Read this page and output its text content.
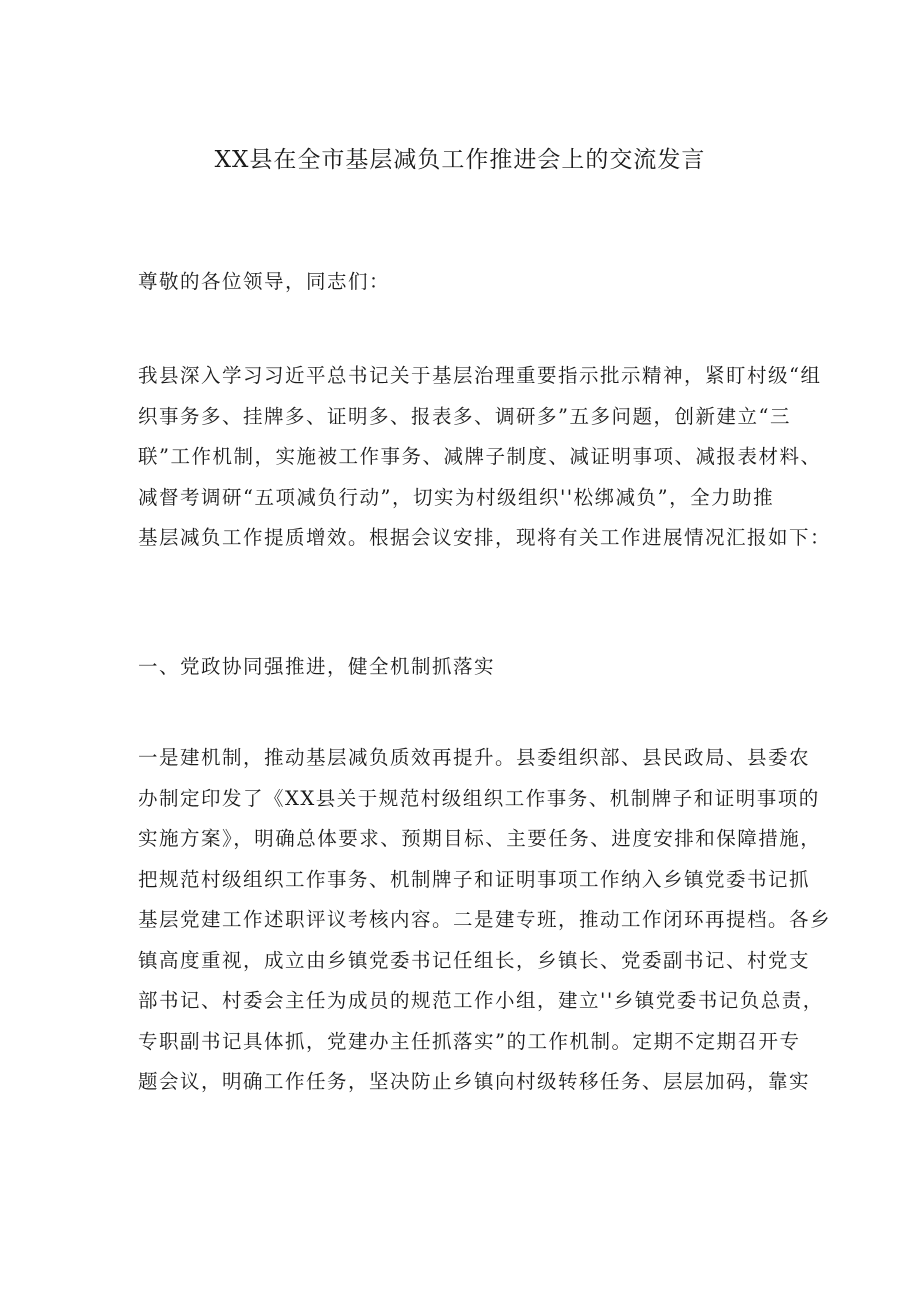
XX县在全市基层减负工作推进会上的交流发言

尊敬的各位领导，同志们：

我县深入学习习近平总书记关于基层治理重要指示批示精神，紧盯村级“组
织事务多、挂牌多、证明多、报表多、调研多”五多问题，创新建立“三
联”工作机制，实施被工作事务、减牌子制度、减证明事项、减报表材料、
减督考调研“五项减负行动”，切实为村级组织''松绑减负”，全力助推
基层减负工作提质增效。根据会议安排，现将有关工作进展情况汇报如下：

一、党政协同强推进，健全机制抓落实

一是建机制，推动基层减负质效再提升。县委组织部、县民政局、县委农
办制定印发了《XX县关于规范村级组织工作事务、机制牌子和证明事项的
实施方案》，明确总体要求、预期目标、主要任务、进度安排和保障措施，
把规范村级组织工作事务、机制牌子和证明事项工作纳入乡镇党委书记抓
基层党建工作述职评议考核内容。二是建专班，推动工作闭环再提档。各乡
镇高度重视，成立由乡镇党委书记任组长，乡镇长、党委副书记、村党支
部书记、村委会主任为成员的规范工作小组，建立''乡镇党委书记负总责，
专职副书记具体抓，党建办主任抓落实”的工作机制。定期不定期召开专
题会议，明确工作任务，坚决防止乡镇向村级转移任务、层层加码，靠实
